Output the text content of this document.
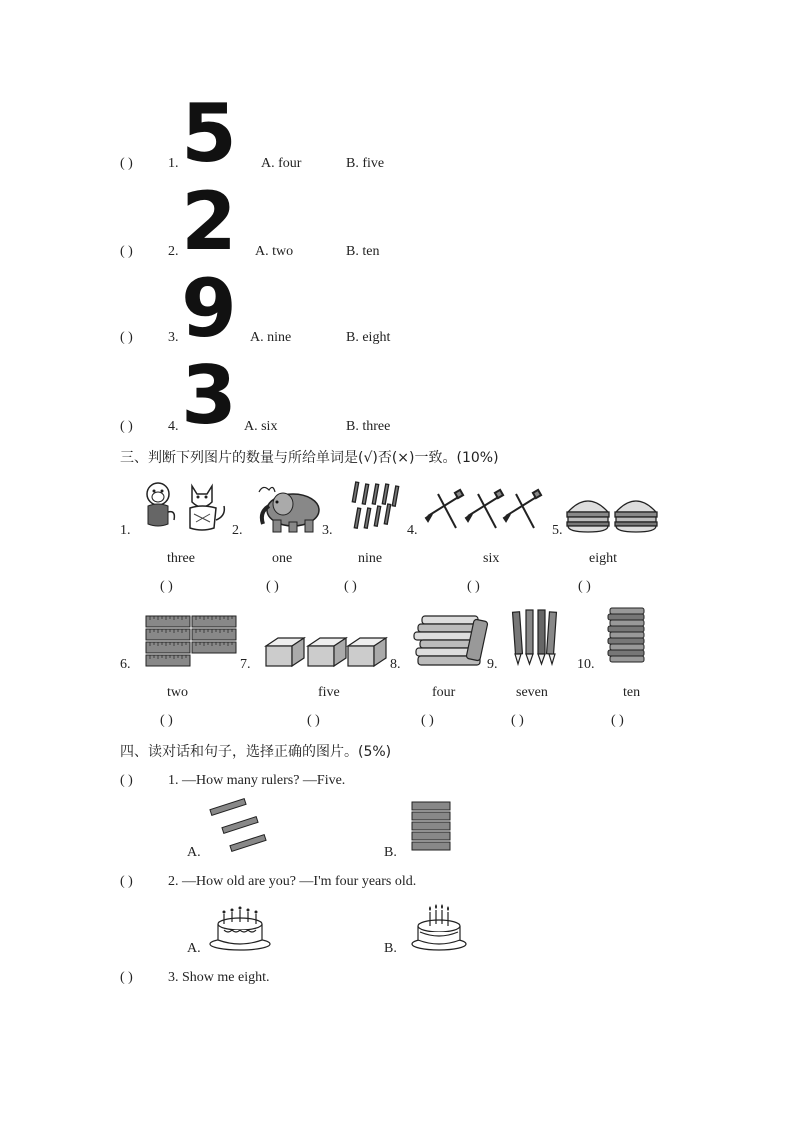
( )	1. 5 A. four	B. five
( )	2. 2 A. two	B. ten
( )	3. 9 A. nine	B. eight
( )	4. 3 A. six	B. three
三、判断下列图片的数量与所给单词是(√)否(×)一致。(10%)
1.	2.	3.	4.	5.
three	one	nine	six	eight
( )	( )	( )	( )	( )
6.	7.	8.	9.	10.
two	five	four	seven	ten
( )	( )	( )	( )	( )
四、读对话和句子，选择正确的图片。(5%)
( )	1. —How many rulers? —Five.
A.	B.
( )	2. —How old are you? —I'm four years old.
A.	B.
( )	3. Show me eight.
